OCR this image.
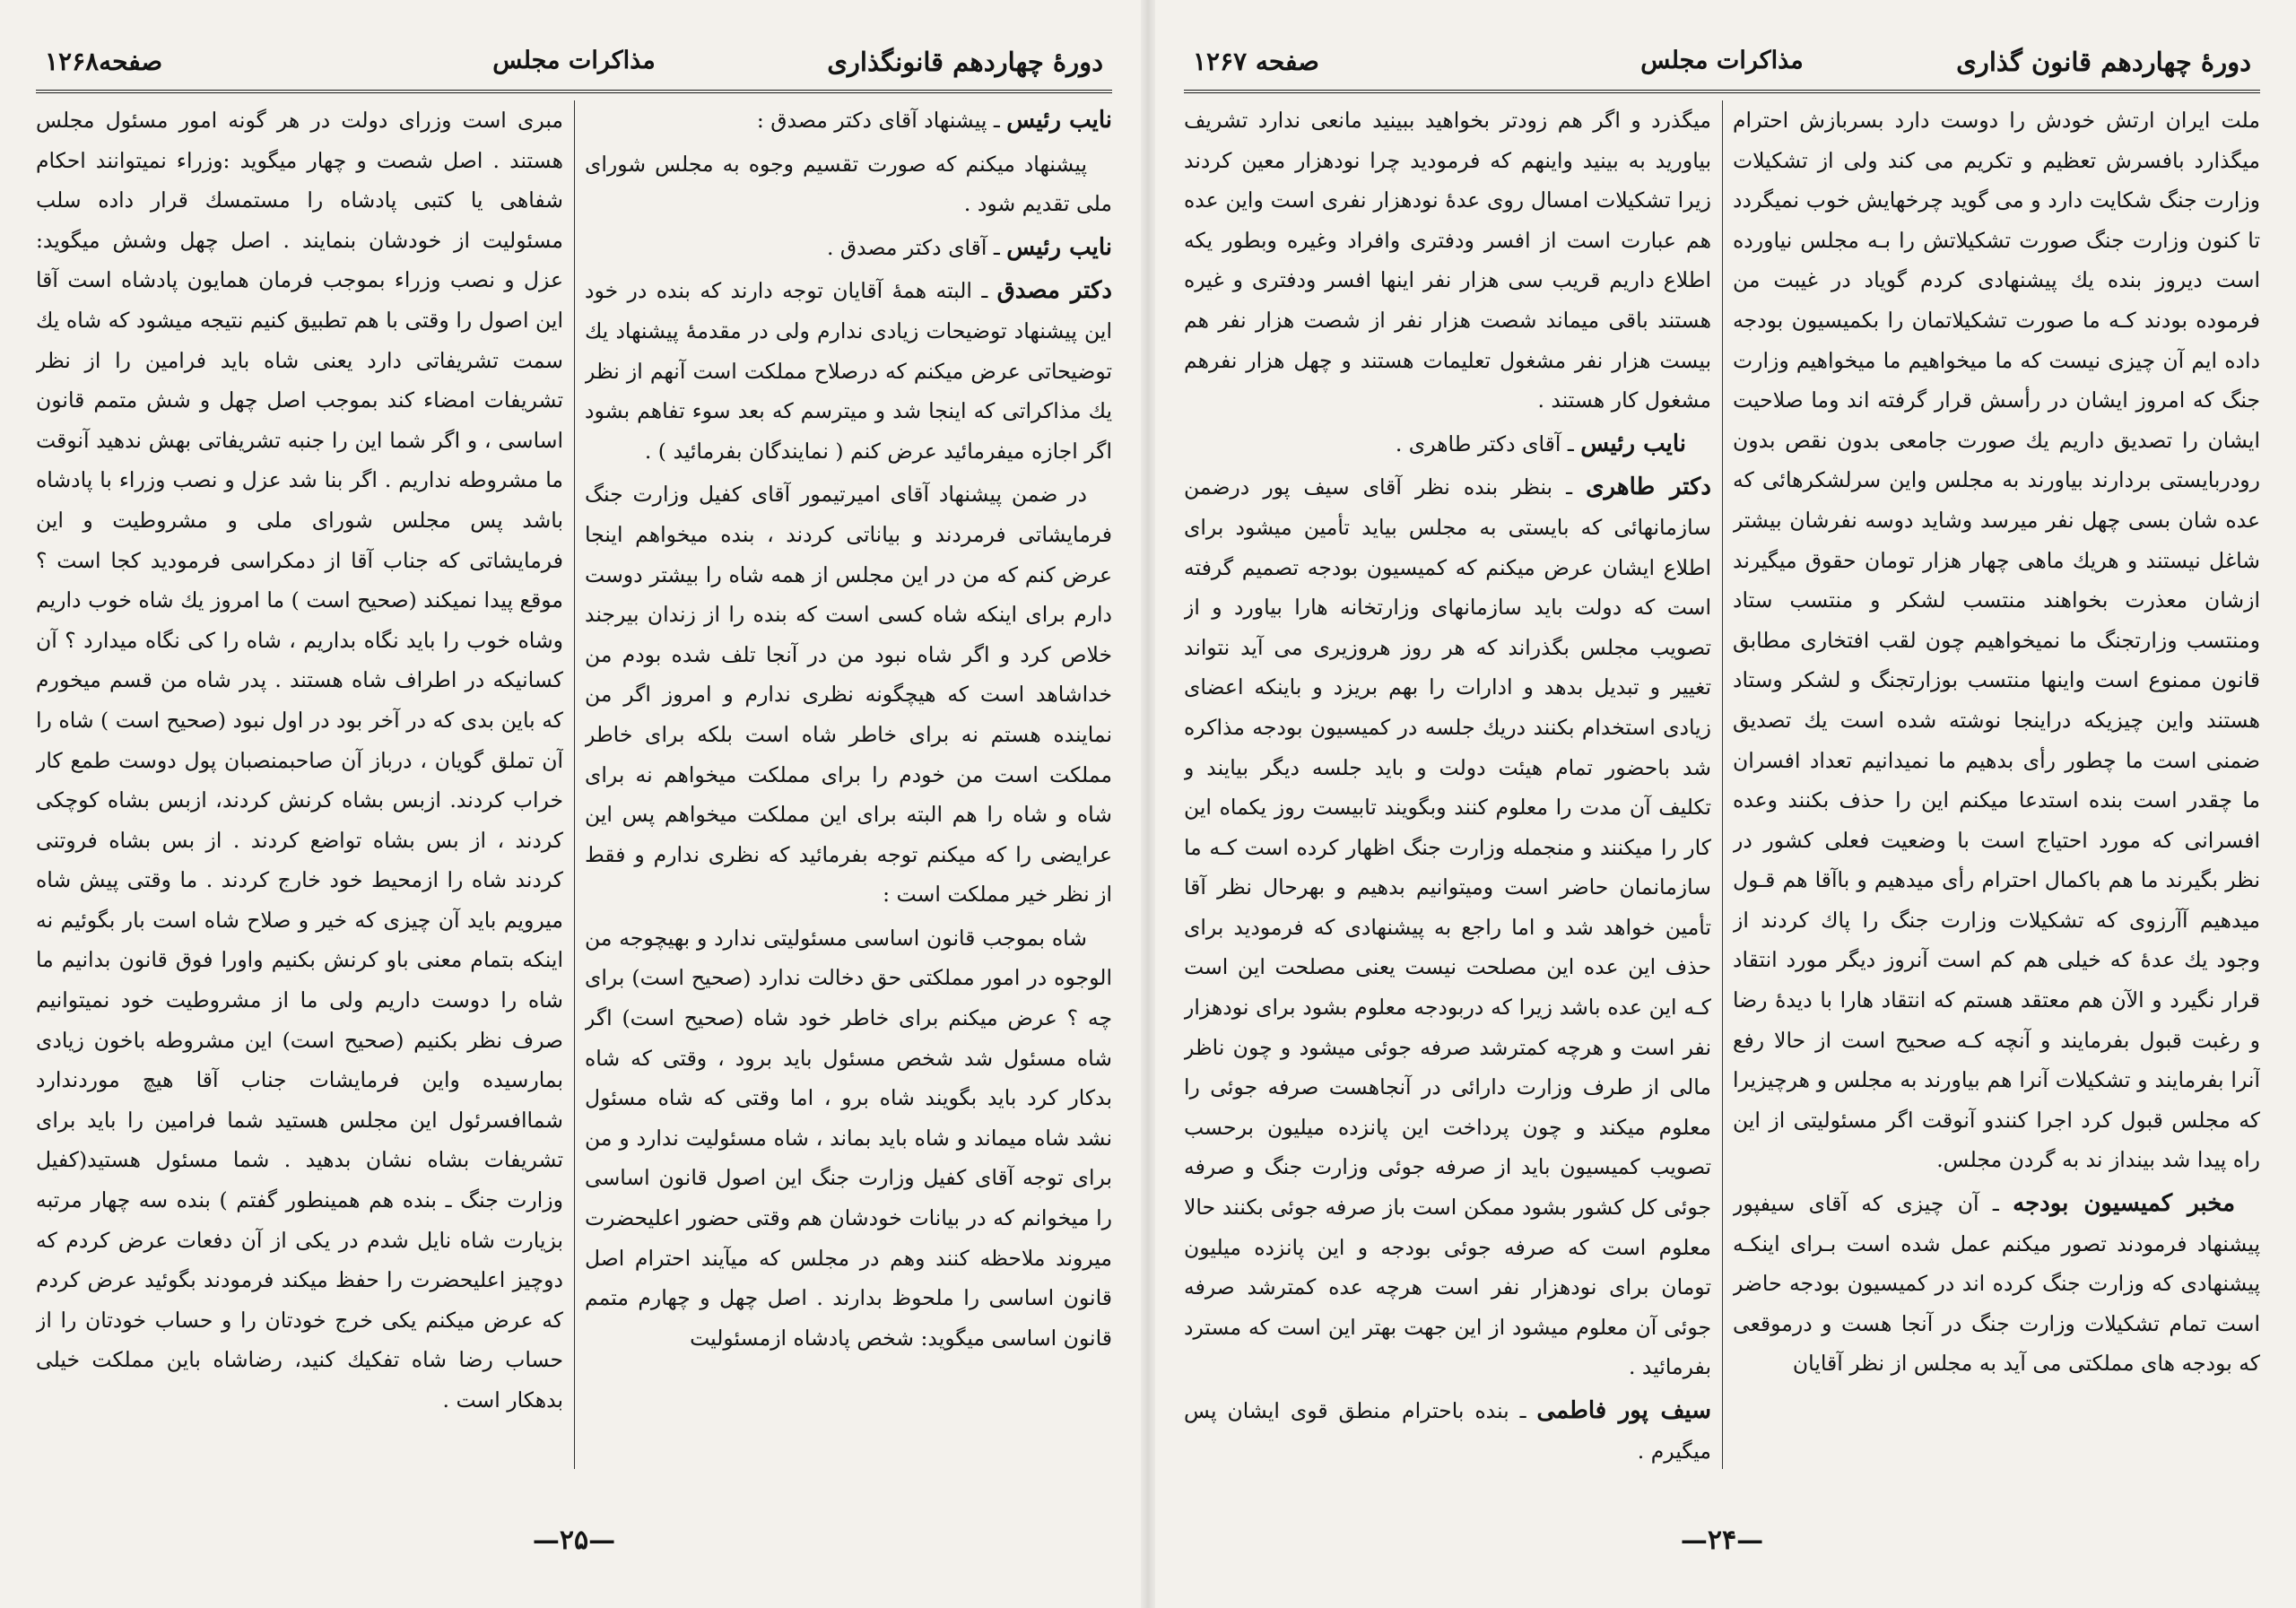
دورهٔ چهاردهم قانونگذاری
مذاکرات مجلس
صفحه۱۲۶۸

نایب رئیس ـ پیشنهاد آقای دکتر مصدق :

پیشنهاد میکنم که صورت تقسیم وجوه به مجلس شورای ملی تقدیم شود .

نایب رئیس ـ آقای دکتر مصدق .

دکتر مصدق ـ البته همهٔ آقایان توجه دارند که بنده در خود این پیشنهاد توضیحات زیادی ندارم ولی در مقدمهٔ پیشنهاد یك توضیحاتی عرض میکنم که درصلاح مملکت است آنهم از نظر یك مذاکراتی که اینجا شد و میترسم که بعد سوء تفاهم بشود اگر اجازه میفرمائید عرض کنم ( نمایندگان بفرمائید ) .

در ضمن پیشنهاد آقای امیرتیمور آقای کفیل وزارت جنگ فرمایشاتی فرمردند و بیاناتی کردند ، بنده میخواهم اینجا عرض کنم که من در این مجلس از همه شاه را بیشتر دوست دارم برای اینکه شاه کسی است که بنده را از زندان بیرجند خلاص کرد و اگر شاه نبود من در آنجا تلف شده بودم من خداشاهد است که هیچگونه نظری ندارم و امروز اگر من نماینده هستم نه برای خاطر شاه است بلکه برای خاطر مملکت است من خودم را برای مملکت میخواهم نه برای شاه و شاه را هم البته برای این مملکت میخواهم پس این عرایضی را که میکنم توجه بفرمائید که نظری ندارم و فقط از نظر خیر مملکت است :

شاه بموجب قانون اساسی مسئولیتی ندارد و بهیچوجه من الوجوه در امور مملکتی حق دخالت ندارد (صحیح است) برای چه ؟ عرض میکنم برای خاطر خود شاه (صحیح است) اگر شاه مسئول شد شخص مسئول باید برود ، وقتی که شاه بدکار کرد باید بگویند شاه برو ، اما وقتی که شاه مسئول نشد شاه میماند و شاه باید بماند ، شاه مسئولیت ندارد و من برای توجه آقای کفیل وزارت جنگ این اصول قانون اساسی را میخوانم که در بیانات خودشان هم وقتی حضور اعلیحضرت میروند ملاحظه کنند وهم در مجلس که میآیند احترام اصل قانون اساسی را ملحوظ بدارند . اصل چهل و چهارم متمم قانون اساسی میگوید: شخص پادشاه ازمسئولیت

مبری است وزرای دولت در هر گونه امور مسئول مجلس هستند . اصل شصت و چهار میگوید :وزراء نمیتوانند احکام شفاهی یا کتبی پادشاه را مستمسك قرار داده سلب مسئولیت از خودشان بنمایند . اصل چهل وشش میگوید: عزل و نصب وزراء بموجب فرمان همایون پادشاه است آقا این اصول را وقتی با هم تطبیق کنیم نتیجه میشود که شاه یك سمت تشریفاتی دارد یعنی شاه باید فرامین را از نظر تشریفات امضاء کند بموجب اصل چهل و شش متمم قانون اساسی ، و اگر شما این را جنبه تشریفاتی بهش ندهید آنوقت ما مشروطه نداریم . اگر بنا شد عزل و نصب وزراء با پادشاه باشد پس مجلس شورای ملی و مشروطیت و این فرمایشاتی که جناب آقا از دمکراسی فرمودید کجا است ؟ موقع پیدا نمیکند (صحیح است ) ما امروز یك شاه خوب داریم وشاه خوب را باید نگاه بداریم ، شاه را کی نگاه میدارد ؟ آن کسانیکه در اطراف شاه هستند . پدر شاه من قسم میخورم که باین بدی که در آخر بود در اول نبود (صحیح است ) شاه را آن تملق گویان ، درباز آن صاحبمنصبان پول دوست طمع کار خراب کردند. ازبس بشاه کرنش کردند، ازبس بشاه کوچکی کردند ، از بس بشاه تواضع کردند . از بس بشاه فروتنی کردند شاه را ازمحیط خود خارج کردند . ما وقتی پیش شاه میرویم باید آن چیزی که خیر و صلاح شاه است بار بگوئیم نه اینکه بتمام معنی باو کرنش بکنیم واورا فوق قانون بدانیم ما شاه را دوست داریم ولی ما از مشروطیت خود نمیتوانیم صرف نظر بکنیم (صحیح است) این مشروطه باخون زیادی بمارسیده واین فرمایشات جناب آقا هیچ موردندارد شماافسرئول این مجلس هستید شما فرامین را باید برای تشریفات بشاه نشان بدهید . شما مسئول هستید(کفیل وزارت جنگ ـ بنده هم همینطور گفتم ) بنده سه چهار مرتبه بزیارت شاه نایل شدم در یکی از آن دفعات عرض کردم که دوچیز اعلیحضرت را حفظ میکند فرمودند بگوئید عرض کردم که عرض میکنم یکی خرج خودتان را و حساب خودتان را از حساب رضا شاه تفکیك کنید، رضاشاه باین مملکت خیلی بدهکار است .

—۲۵—
دورهٔ چهاردهم قانون گذاری
مذاکرات مجلس
صفحه ۱۲۶۷

ملت ایران ارتش خودش را دوست دارد بسربازش احترام میگذارد بافسرش تعظیم و تکریم می کند ولی از تشکیلات وزارت جنگ شکایت دارد و می گوید چرخهایش خوب نمیگردد تا کنون وزارت جنگ صورت تشکیلاتش را بـه مجلس نیاورده است دیروز بنده یك پیشنهادی کردم گویاد در غیبت من فرموده بودند کـه ما صورت تشکیلاتمان را بکمیسیون بودجه داده ایم آن چیزی نیست که ما میخواهیم ما میخواهیم وزارت جنگ که امروز ایشان در رأسش قرار گرفته اند وما صلاحیت ایشان را تصدیق داریم یك صورت جامعی بدون نقص بدون رودربایستی بردارند بیاورند به مجلس واین سرلشکرهائی که عده شان بسی چهل نفر میرسد وشاید دوسه نفرشان بیشتر شاغل نیستند و هریك ماهی چهار هزار تومان حقوق میگیرند ازشان معذرت بخواهند منتسب لشکر و منتسب ستاد ومنتسب وزارتجنگ ما نمیخواهیم چون لقب افتخاری مطابق قانون ممنوع است واینها منتسب بوزارتجنگ و لشکر وستاد هستند واین چیزیکه دراینجا نوشته شده است یك تصدیق ضمنی است ما چطور رأی بدهیم ما نمیدانیم تعداد افسران ما چقدر است بنده استدعا میکنم این را حذف بکنند وعده افسرانی که مورد احتیاج است با وضعیت فعلی کشور در نظر بگیرند ما هم باکمال احترام رأی میدهیم و باآقا هم قـول میدهیم آآرزوی که تشکیلات وزارت جنگ را پاك کردند از وجود یك عدهٔ که خیلی هم کم است آنروز دیگر مورد انتقاد قرار نگیرد و الآن هم معتقد هستم که انتقاد هارا با دیدهٔ رضا و رغبت قبول بفرمایند و آنچه کـه صحیح است از حالا رفع آنرا بفرمایند و تشکیلات آنرا هم بیاورند به مجلس و هرچیزیرا که مجلس قبول کرد اجرا کنندو آنوقت اگر مسئولیتی از این راه پیدا شد بینداز ند به گردن مجلس.

مخبر کمیسیون بودجه ـ آن چیزی که آقای سیفپور پیشنهاد فرمودند تصور میکنم عمل شده است بـرای اینکـه پیشنهادی که وزارت جنگ کرده اند در کمیسیون بودجه حاضر است تمام تشکیلات وزارت جنگ در آنجا هست و درموقعی که بودجه های مملکتی می آید به مجلس از نظر آقایان

میگذرد و اگر هم زودتر بخواهید ببینید مانعی ندارد تشریف بیاورید به بینید واینهم که فرمودید چرا نودهزار معین کردند زیرا تشکیلات امسال روی عدهٔ نودهزار نفری است واین عده هم عبارت است از افسر ودفتری وافراد وغیره وبطور یکه اطلاع داریم قریب سی هزار نفر اینها افسر ودفتری و غیره هستند باقی میماند شصت هزار نفر از شصت هزار نفر هم بیست هزار نفر مشغول تعلیمات هستند و چهل هزار نفرهم مشغول کار هستند .

نایب رئیس ـ آقای دکتر طاهری .

دکتر طاهری ـ بنظر بنده نظر آقای سیف پور درضمن سازمانهائی که بایستی به مجلس بیاید تأمین میشود برای اطلاع ایشان عرض میکنم که کمیسیون بودجه تصمیم گرفته است که دولت باید سازمانهای وزارتخانه هارا بیاورد و از تصویب مجلس بگذراند که هر روز هروزیری می آید نتواند تغییر و تبدیل بدهد و ادارات را بهم بریزد و باینکه اعضای زیادی استخدام بکنند دریك جلسه در کمیسیون بودجه مذاکره شد باحضور تمام هیئت دولت و باید جلسه دیگر بیایند و تکلیف آن مدت را معلوم کنند وبگویند تابیست روز یکماه این کار را میکنند و منجمله وزارت جنگ اظهار کرده است کـه ما سازمانمان حاضر است ومیتوانیم بدهیم و بهرحال نظر آقا تأمین خواهد شد و اما راجع به پیشنهادی که فرمودید برای حذف این عده این مصلحت نیست یعنی مصلحت این است کـه این عده باشد زیرا که دربودجه معلوم بشود برای نودهزار نفر است و هرچه کمترشد صرفه جوئی میشود و چون ناظر مالی از طرف وزارت دارائی در آنجاهست صرفه جوئی را معلوم میکند و چون پرداخت این پانزده میلیون برحسب تصویب کمیسیون باید از صرفه جوئی وزارت جنگ و صرفه جوئی کل کشور بشود ممکن است باز صرفه جوئی بکنند حالا معلوم است که صرفه جوئی بودجه و این پانزده میلیون تومان برای نودهزار نفر است هرچه عده کمترشد صرفه جوئی آن معلوم میشود از این جهت بهتر این است که مسترد بفرمائید .

سیف پور فاطمی ـ بنده باحترام منطق قوی ایشان پس میگیرم .

—۲۴—
